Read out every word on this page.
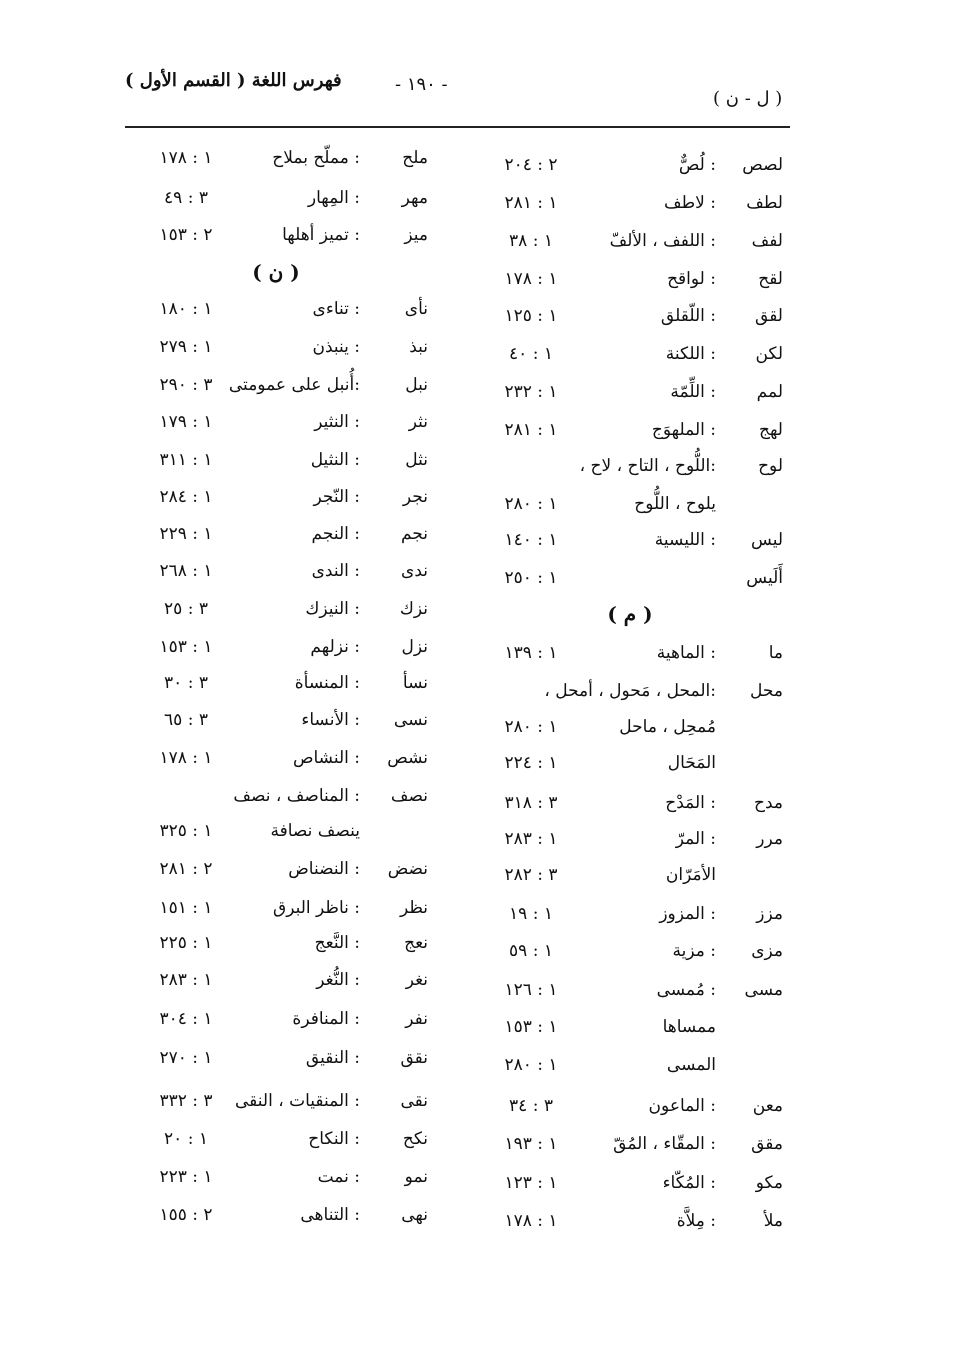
( ل - ن )
- ١٩٠ -
فهرس اللغة ( القسم الأول )
لصص
: لُصٌّ
٢ : ٢٠٤
لطف
: لاطف
١ : ٢٨١
لفف
: اللفف ، الألفّ
١ : ٣٨
لقح
: لواقح
١ : ١٧٨
لقق
: اللّقلق
١ : ١٢٥
لكن
: اللكنة
١ : ٤٠
لمم
: اللِّمّة
١ : ٢٣٢
لهج
: الملهوَج
١ : ٢٨١
لوح
:اللُّوح ، التاح ، لاح ،
يلوح ، اللُّوح
١ : ٢٨٠
ليس
: الليسية
١ : ١٤٠
أَلَيس
١ : ٢٥٠
( م )
ما
: الماهية
١ : ١٣٩
محل
:المحل ، مَحول ، أمحل ،
مُمحِل ، ماحل
١ : ٢٨٠
المَحَال
١ : ٢٢٤
مدح
: المَدْح
٣ : ٣١٨
مرر
: المرّ
١ : ٢٨٣
الأمَرّان
٣ : ٢٨٢
مزز
: المزوز
١ : ١٩
مزى
: مزية
١ : ٥٩
مسى
: مُمسى
١ : ١٢٦
ممساها
١ : ١٥٣
المسى
١ : ٢٨٠
معن
: الماعون
٣ : ٣٤
مقق
: المقّاء ، المُقّ
١ : ١٩٣
مكو
: المُكّاء
١ : ١٢٣
ملأ
: مِلاَّة
١ : ١٧٨
ملح
: مملّح بملاح
١ : ١٧٨
مهر
: المِهار
٣ : ٤٩
ميز
: تميز أهلها
٢ : ١٥٣
( ن )
نأى
: تناءى
١ : ١٨٠
نبذ
: ينبذن
١ : ٢٧٩
نبل
:أُنبل على عمومتى
٣ : ٢٩٠
نثر
: النثير
١ : ١٧٩
نثل
: النثيل
١ : ٣١١
نجر
: النّجر
١ : ٢٨٤
نجم
: النجم
١ : ٢٢٩
ندى
: الندى
١ : ٢٦٨
نزك
: النيزك
٣ : ٢٥
نزل
: نزلهم
١ : ١٥٣
نسأ
: المنسأة
٣ : ٣٠
نسى
: الأنساء
٣ : ٦٥
نشص
: النشاص
١ : ١٧٨
نصف
: المناصف ، نصف
ينصف نصافة
١ : ٣٢٥
نضض
: النضناض
٢ : ٢٨١
نظر
: ناظر البرق
١ : ١٥١
نعج
: النَّعج
١ : ٢٢٥
نغر
: النُّغر
١ : ٢٨٣
نفر
: المنافرة
١ : ٣٠٤
نقق
: النقيق
١ : ٢٧٠
نقى
: المنقيات ، النقى
٣ : ٣٣٢
نكح
: النكاح
١ : ٢٠
نمو
: نمت
١ : ٢٢٣
نهى
: التناهى
٢ : ١٥٥
